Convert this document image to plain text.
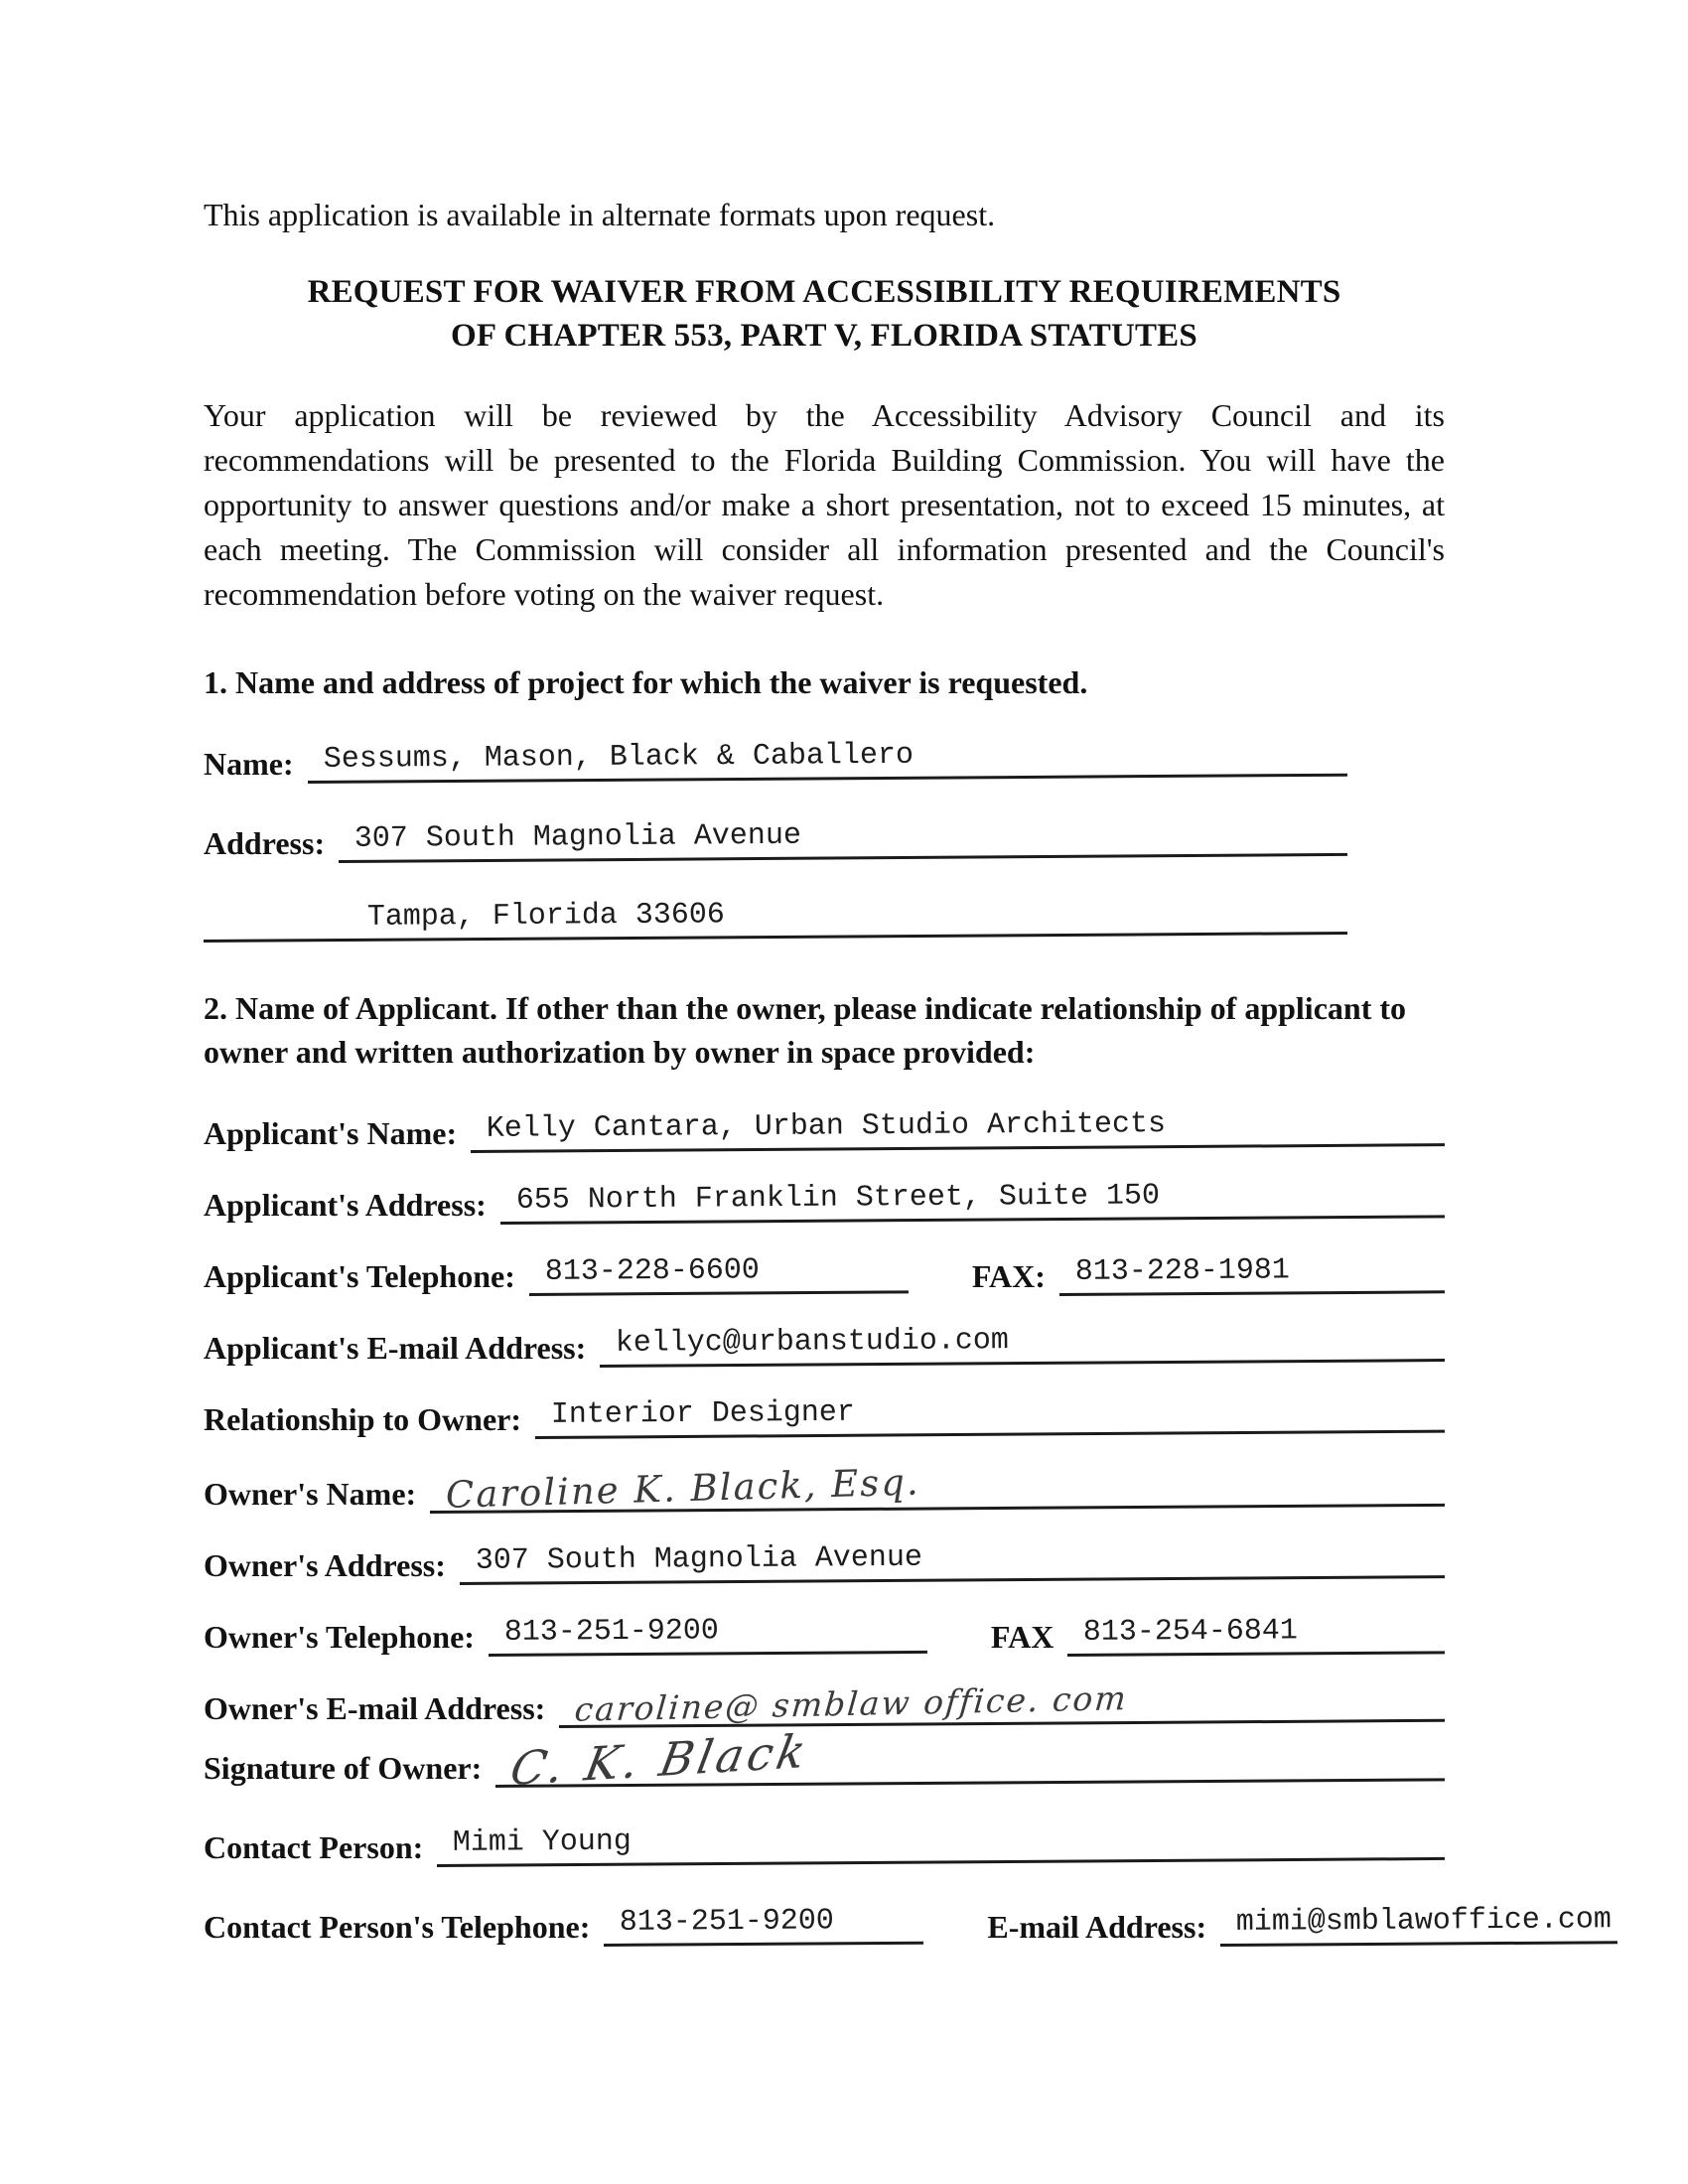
This application is available in alternate formats upon request.
REQUEST FOR WAIVER FROM ACCESSIBILITY REQUIREMENTS
OF CHAPTER 553, PART V, FLORIDA STATUTES
Your application will be reviewed by the Accessibility Advisory Council and its recommendations will be presented to the Florida Building Commission. You will have the opportunity to answer questions and/or make a short presentation, not to exceed 15 minutes, at each meeting. The Commission will consider all information presented and the Council's recommendation before voting on the waiver request.
1. Name and address of project for which the waiver is requested.
Name: Sessums, Mason, Black & Caballero
Address: 307 South Magnolia Avenue
Tampa, Florida 33606
2. Name of Applicant. If other than the owner, please indicate relationship of applicant to
owner and written authorization by owner in space provided:
Applicant's Name: Kelly Cantara, Urban Studio Architects
Applicant's Address: 655 North Franklin Street, Suite 150
Applicant's Telephone: 813-228-6600	FAX: 813-228-1981
Applicant's E-mail Address: kellyc@urbanstudio.com
Relationship to Owner: Interior Designer
Owner's Name: Caroline K. Black, Esq.
Owner's Address: 307 South Magnolia Avenue
Owner's Telephone: 813-251-9200	FAX 813-254-6841
Owner's E-mail Address: caroline@ smblaw office. com
Signature of Owner: C. K. Black
Contact Person: Mimi Young
Contact Person's Telephone: 813-251-9200	E-mail Address: mimi@smblawoffice.com
